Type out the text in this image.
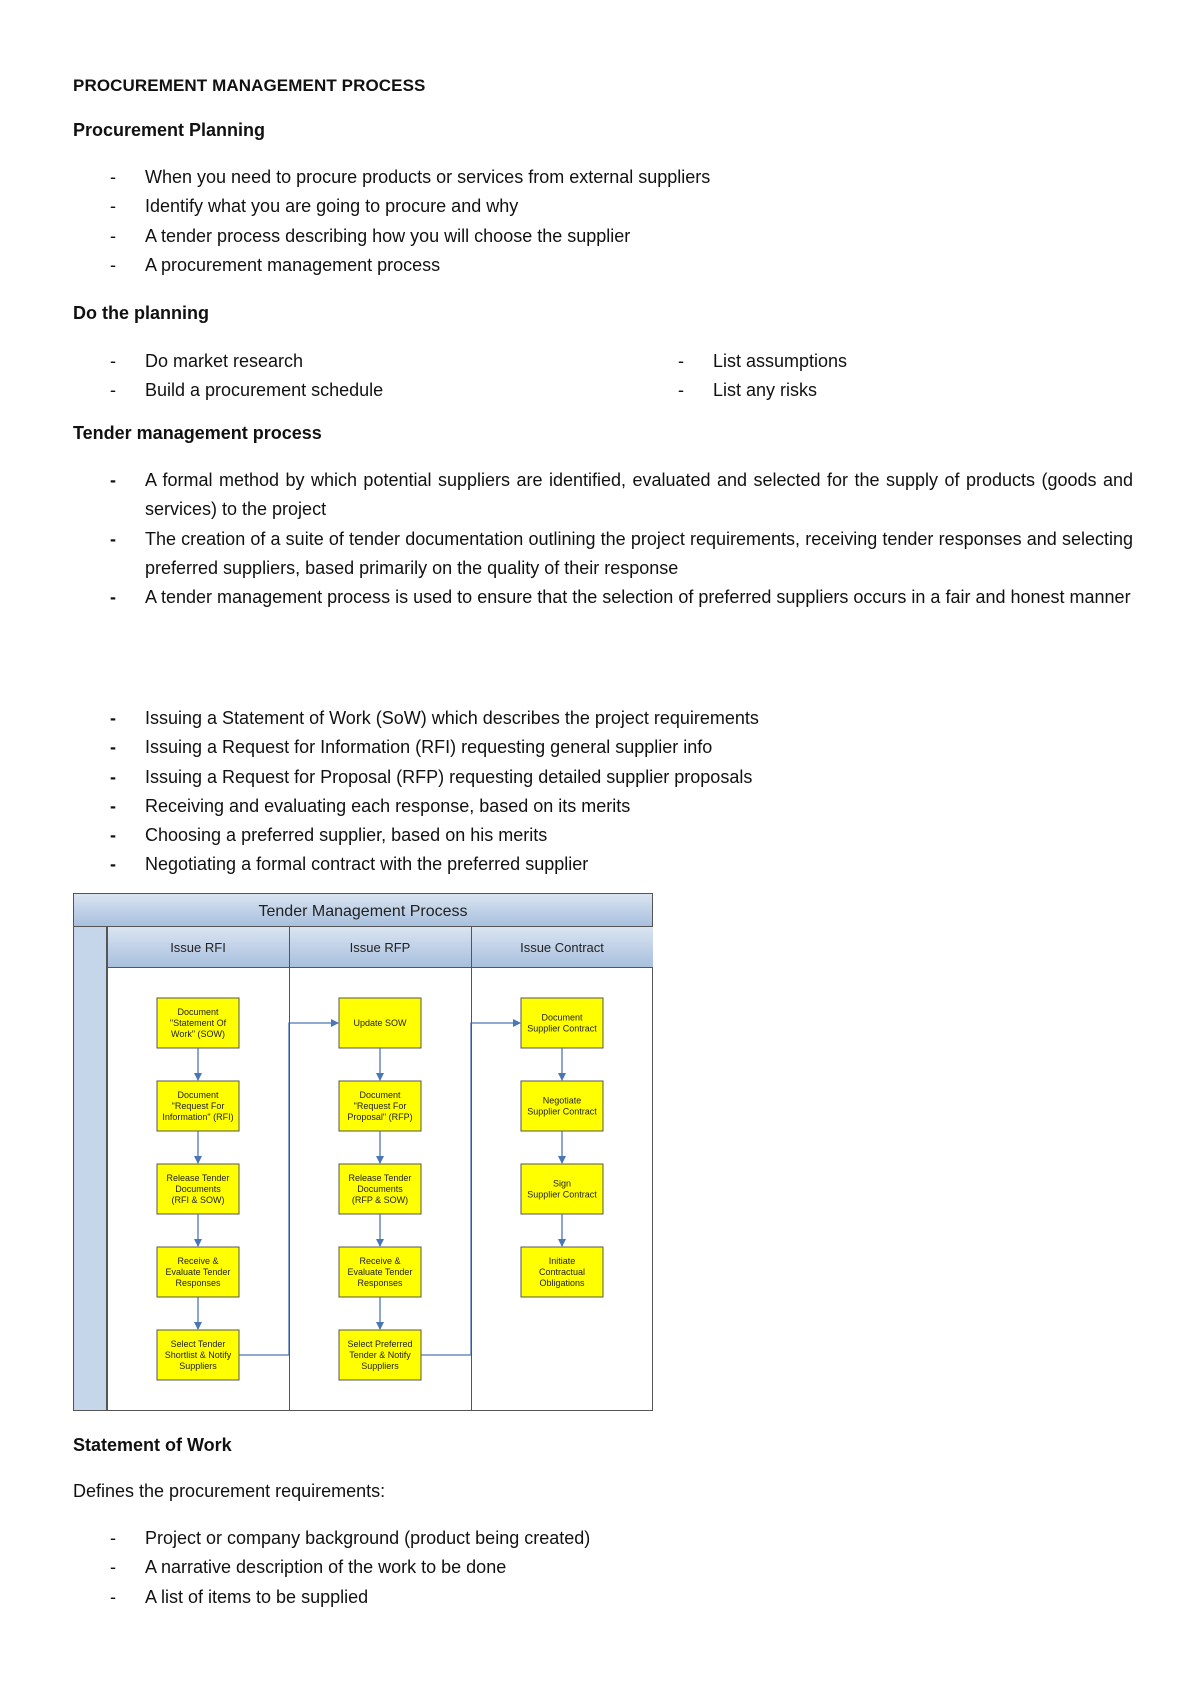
PROCUREMENT MANAGEMENT PROCESS
Procurement Planning
- When you need to procure products or services from external suppliers
- Identify what you are going to procure and why
- A tender process describing how you will choose the supplier
- A procurement management process
Do the planning
- Do market research
- Build a procurement schedule
- List assumptions
- List any risks
Tender management process
- A formal method by which potential suppliers are identified, evaluated and selected for the supply of products (goods and services) to the project
- The creation of a suite of tender documentation outlining the project requirements, receiving tender responses and selecting preferred suppliers, based primarily on the quality of their response
- A tender management process is used to ensure that the selection of preferred suppliers occurs in a fair and honest manner
- Issuing a Statement of Work (SoW) which describes the project requirements
- Issuing a Request for Information (RFI) requesting general supplier info
- Issuing a Request for Proposal (RFP) requesting detailed supplier proposals
- Receiving and evaluating each response, based on its merits
- Choosing a preferred supplier, based on his merits
- Negotiating a formal contract with the preferred supplier
Tender Management Process
Issue RFI
Document
"Statement Of
Work" (SOW)
Document
"Request For
Information" (RFI)
Release Tender
Documents
(RFI & SOW)
Receive &
Evaluate Tender
Responses
Select Tender
Shortlist & Notify
Suppliers
Issue RFP
Update SOW
Document
"Request For
Proposal" (RFP)
Release Tender
Documents
(RFP & SOW)
Receive &
Evaluate Tender
Responses
Select Preferred
Tender & Notify
Suppliers
Issue Contract
Document
Supplier Contract
Negotiate
Supplier Contract
Sign
Supplier Contract
Initiate
Contractual
Obligations
Statement of Work
Defines the procurement requirements:
- Project or company background (product being created)
- A narrative description of the work to be done
- A list of items to be supplied
